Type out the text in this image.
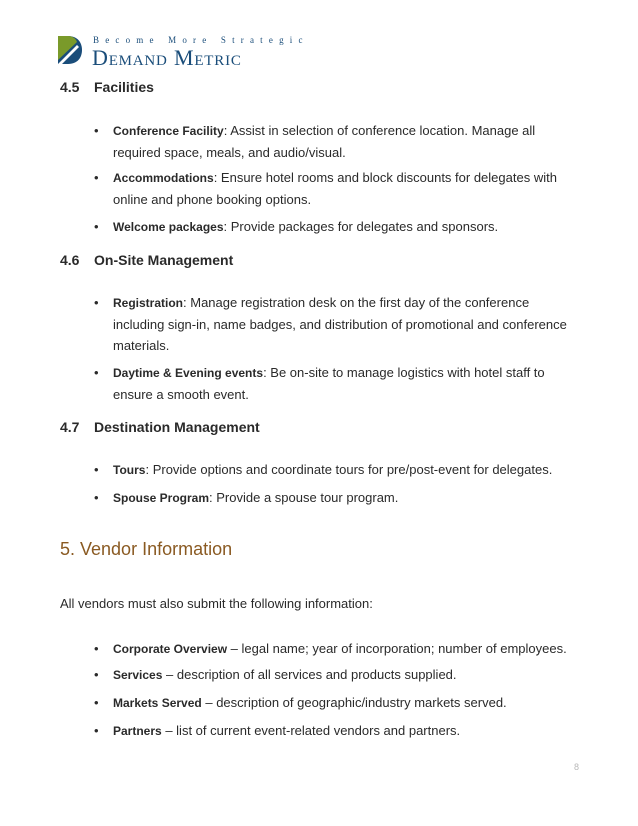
Become More Strategic
Demand Metric
4.5 Facilities
• Conference Facility: Assist in selection of conference location. Manage all required space, meals, and audio/visual.
• Accommodations: Ensure hotel rooms and block discounts for delegates with online and phone booking options.
• Welcome packages: Provide packages for delegates and sponsors.
4.6 On-Site Management
• Registration: Manage registration desk on the first day of the conference including sign-in, name badges, and distribution of promotional and conference materials.
• Daytime & Evening events: Be on-site to manage logistics with hotel staff to ensure a smooth event.
4.7 Destination Management
• Tours: Provide options and coordinate tours for pre/post-event for delegates.
• Spouse Program: Provide a spouse tour program.
5. Vendor Information
All vendors must also submit the following information:
• Corporate Overview – legal name; year of incorporation; number of employees.
• Services – description of all services and products supplied.
• Markets Served – description of geographic/industry markets served.
• Partners – list of current event-related vendors and partners.
8
